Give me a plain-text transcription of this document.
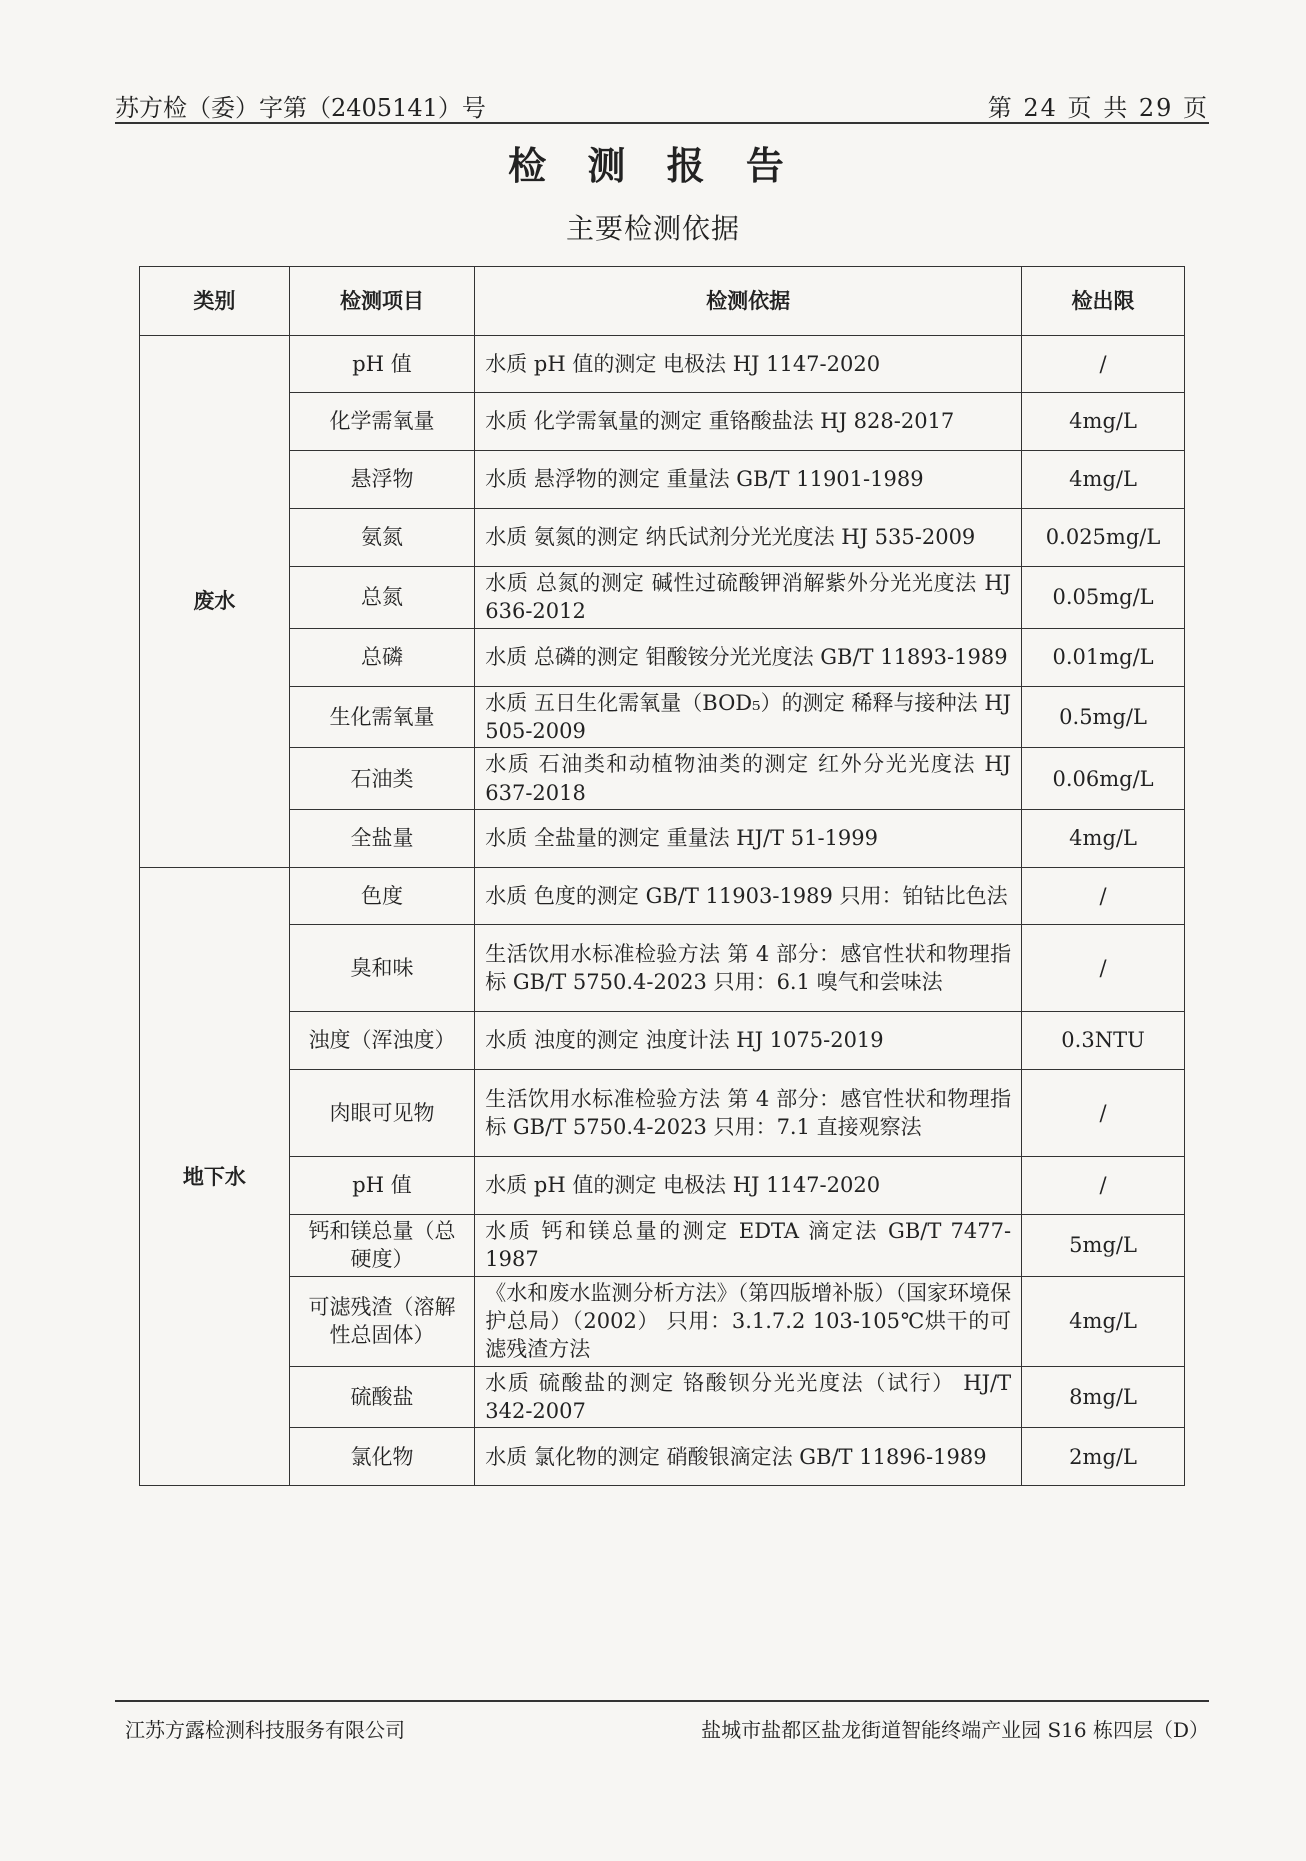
苏方检（委）字第（2405141）号	第 24 页 共 29 页
检 测 报 告
主要检测依据
类别	检测项目	检测依据	检出限
废水	pH 值	水质 pH 值的测定 电极法 HJ 1147-2020	/
	化学需氧量	水质 化学需氧量的测定 重铬酸盐法 HJ 828-2017	4mg/L
	悬浮物	水质 悬浮物的测定 重量法 GB/T 11901-1989	4mg/L
	氨氮	水质 氨氮的测定 纳氏试剂分光光度法 HJ 535-2009	0.025mg/L
	总氮	水质 总氮的测定 碱性过硫酸钾消解紫外分光光度法 HJ 636-2012	0.05mg/L
	总磷	水质 总磷的测定 钼酸铵分光光度法 GB/T 11893-1989	0.01mg/L
	生化需氧量	水质 五日生化需氧量（BOD₅）的测定 稀释与接种法 HJ 505-2009	0.5mg/L
	石油类	水质 石油类和动植物油类的测定 红外分光光度法 HJ 637-2018	0.06mg/L
	全盐量	水质 全盐量的测定 重量法 HJ/T 51-1999	4mg/L
地下水	色度	水质 色度的测定 GB/T 11903-1989 只用：铂钴比色法	/
	臭和味	生活饮用水标准检验方法 第 4 部分：感官性状和物理指标 GB/T 5750.4-2023 只用：6.1 嗅气和尝味法	/
	浊度（浑浊度）	水质 浊度的测定 浊度计法 HJ 1075-2019	0.3NTU
	肉眼可见物	生活饮用水标准检验方法 第 4 部分：感官性状和物理指标 GB/T 5750.4-2023 只用：7.1 直接观察法	/
	pH 值	水质 pH 值的测定 电极法 HJ 1147-2020	/
	钙和镁总量（总硬度）	水质 钙和镁总量的测定 EDTA 滴定法 GB/T 7477-1987	5mg/L
	可滤残渣（溶解性总固体）	《水和废水监测分析方法》（第四版增补版）（国家环境保护总局）（2002） 只用：3.1.7.2 103-105℃烘干的可滤残渣方法	4mg/L
	硫酸盐	水质 硫酸盐的测定 铬酸钡分光光度法（试行） HJ/T 342-2007	8mg/L
	氯化物	水质 氯化物的测定 硝酸银滴定法 GB/T 11896-1989	2mg/L
江苏方露检测科技服务有限公司	盐城市盐都区盐龙街道智能终端产业园 S16 栋四层（D）
